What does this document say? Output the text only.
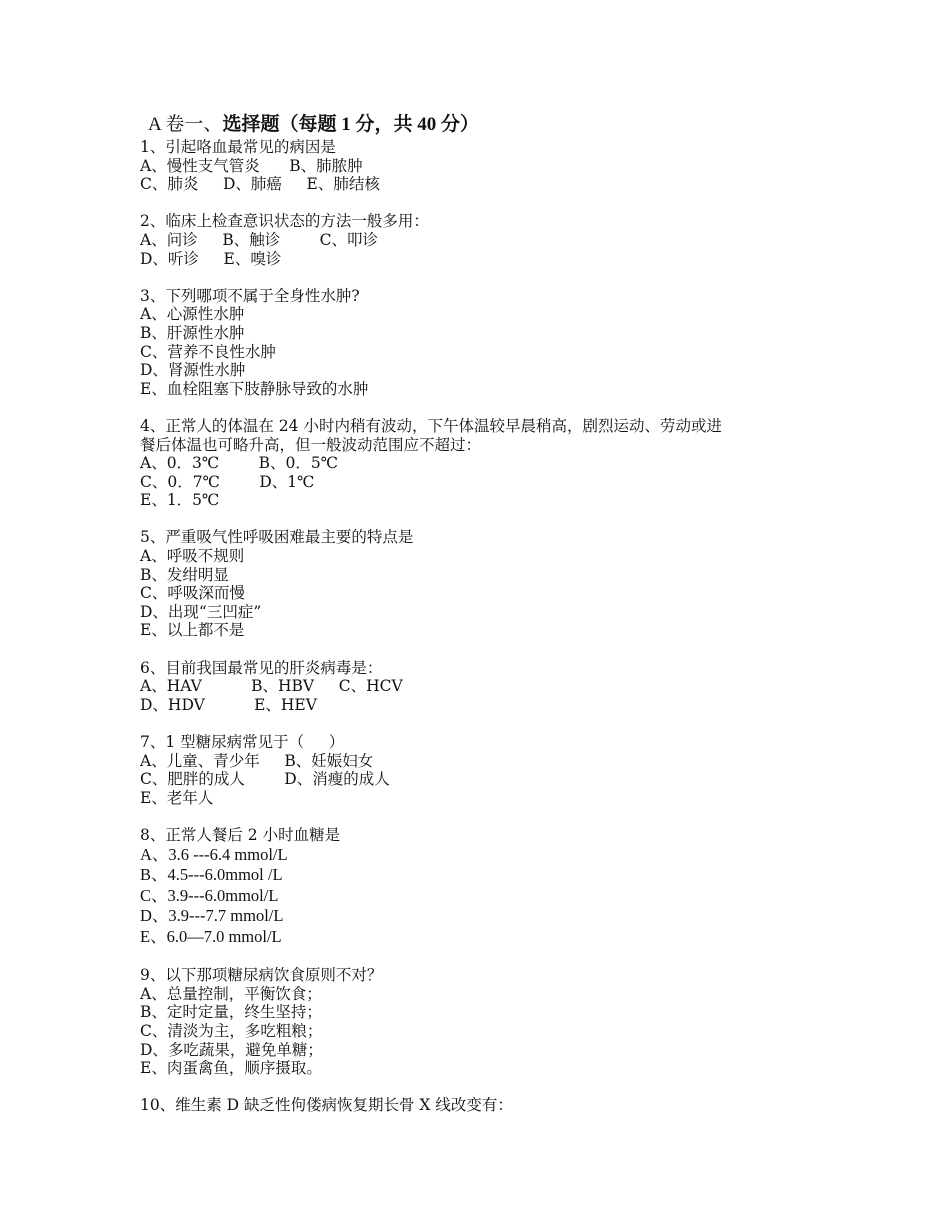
A 卷一、选择题（每题 1 分，共 40 分）
1、引起咯血最常见的病因是
A、慢性支气管炎      B、肺脓肿
C、肺炎     D、肺癌     E、肺结核
2、临床上检查意识状态的方法一般多用：
A、问诊     B、触诊        C、叩诊
D、听诊     E、嗅诊
3、下列哪项不属于全身性水肿?
A、心源性水肿
B、肝源性水肿
C、营养不良性水肿
D、肾源性水肿
E、血栓阻塞下肢静脉导致的水肿
4、正常人的体温在 24 小时内稍有波动，下午体温较早晨稍高，剧烈运动、劳动或进
餐后体温也可略升高，但一般波动范围应不超过：
A、0．3℃        B、0．5℃
C、0．7℃        D、1℃
E、1．5℃
5、严重吸气性呼吸困难最主要的特点是
A、呼吸不规则
B、发绀明显
C、呼吸深而慢
D、出现“三凹症”
E、以上都不是
6、目前我国最常见的肝炎病毒是：
A、HAV          B、HBV     C、HCV
D、HDV          E、HEV
7、1 型糖尿病常见于（     ）
A、儿童、青少年     B、妊娠妇女
C、肥胖的成人        D、消瘦的成人
E、老年人
8、正常人餐后 2 小时血糖是
A、3.6 ---6.4 mmol/L
B、4.5---6.0mmol /L
C、3.9---6.0mmol/L
D、3.9---7.7 mmol/L
E、6.0—7.0 mmol/L
9、以下那项糖尿病饮食原则不对？
A、总量控制，平衡饮食；
B、定时定量，终生坚持；
C、清淡为主，多吃粗粮；
D、多吃蔬果，避免单糖；
E、肉蛋禽鱼，顺序摄取。
10、维生素 D 缺乏性佝偻病恢复期长骨 X 线改变有：
